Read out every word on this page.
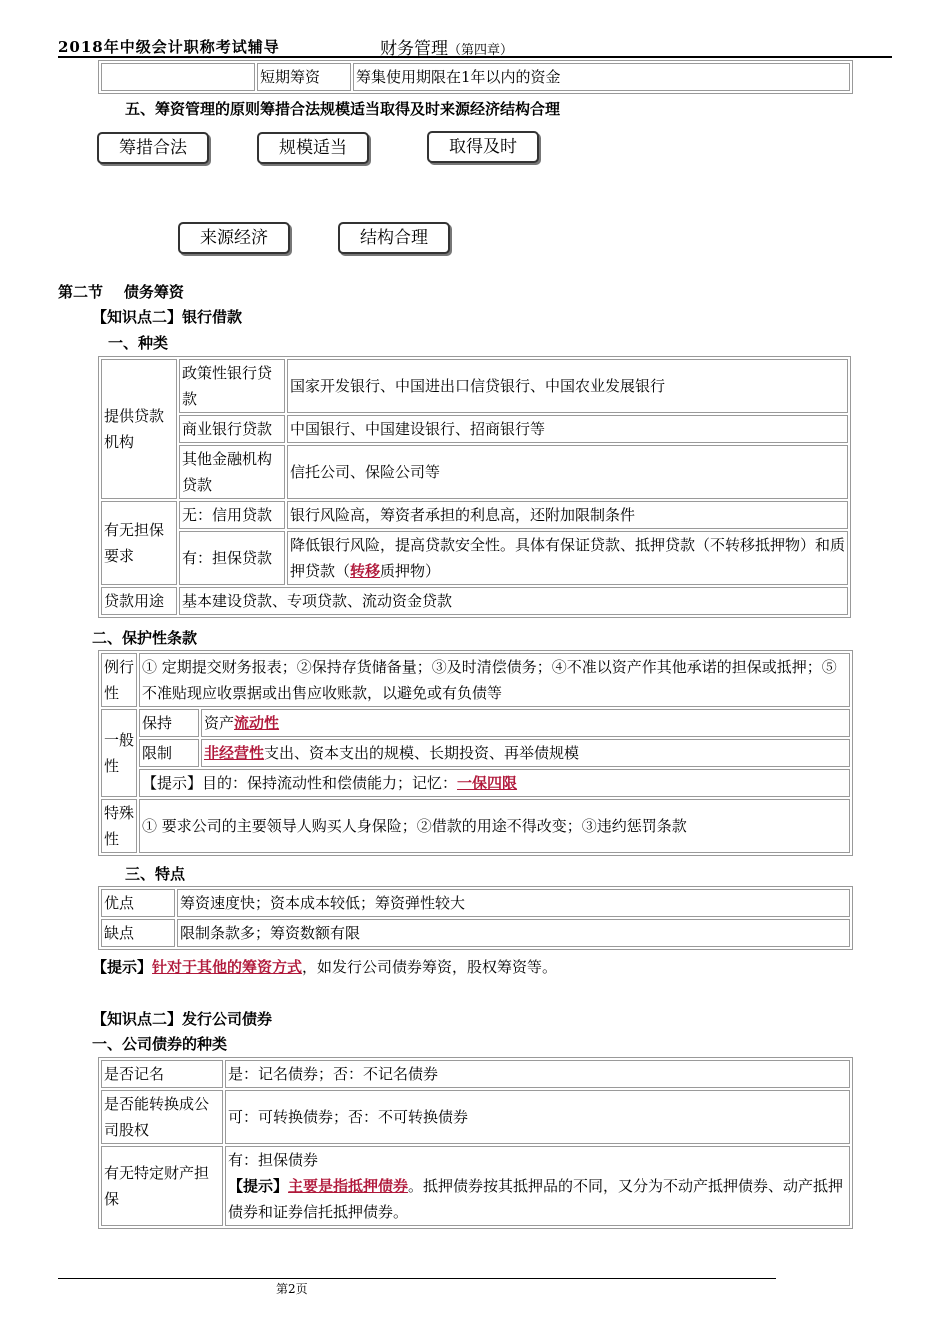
2018年中级会计职称考试辅导	财务管理（第四章）
	短期筹资	筹集使用期限在1年以内的资金
五、筹资管理的原则筹措合法规模适当取得及时来源经济结构合理
筹措合法	规模适当	取得及时
来源经济	结构合理
第二节    债务筹资
【知识点二】银行借款
一、种类
提供贷款机构	政策性银行贷款	国家开发银行、中国进出口信贷银行、中国农业发展银行
	商业银行贷款	中国银行、中国建设银行、招商银行等
	其他金融机构贷款	信托公司、保险公司等
有无担保要求	无：信用贷款	银行风险高，筹资者承担的利息高，还附加限制条件
	有：担保贷款	降低银行风险，提高贷款安全性。具体有保证贷款、抵押贷款（不转移抵押物）和质押贷款（转移质押物）
贷款用途	基本建设贷款、专项贷款、流动资金贷款	
二、保护性条款
例行性	① 定期提交财务报表；②保持存货储备量；③及时清偿债务；④不准以资产作其他承诺的担保或抵押；⑤不准贴现应收票据或出售应收账款，以避免或有负债等	
一般性	保持	资产流动性
	限制	非经营性支出、资本支出的规模、长期投资、再举债规模
	【提示】目的：保持流动性和偿债能力；记忆：一保四限	
特殊性	① 要求公司的主要领导人购买人身保险；②借款的用途不得改变；③违约惩罚条款	
三、特点
优点	筹资速度快；资本成本较低；筹资弹性较大
缺点	限制条款多；筹资数额有限
【提示】针对于其他的筹资方式，如发行公司债券筹资，股权筹资等。
【知识点二】发行公司债券
一、公司债券的种类
是否记名	是：记名债券；否：不记名债券
是否能转换成公司股权	可：可转换债券；否：不可转换债券
有无特定财产担保	有：担保债券
【提示】主要是指抵押债券。抵押债券按其抵押品的不同，又分为不动产抵押债券、动产抵押债券和证券信托抵押债券。
第2页
